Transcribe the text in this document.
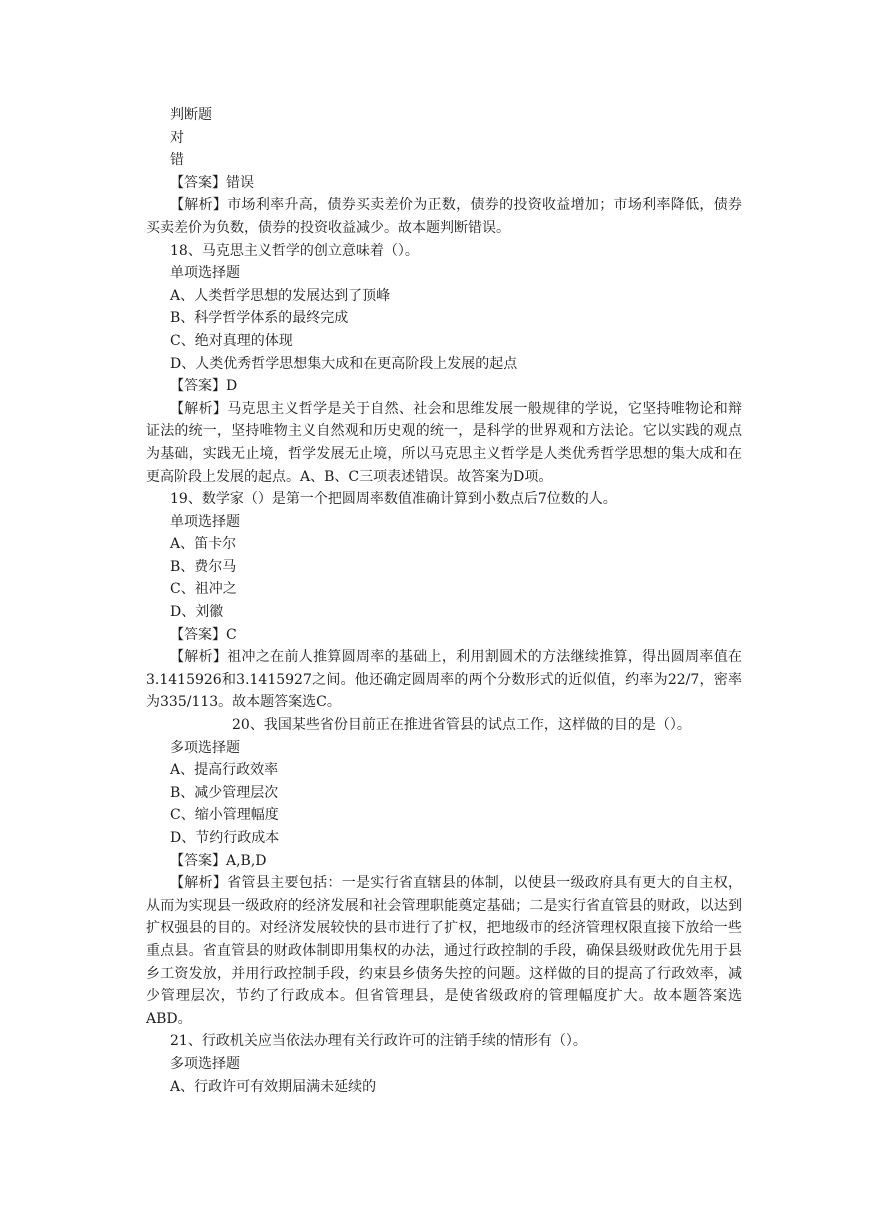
判断题

对

错

【答案】错误

【解析】市场利率升高，债券买卖差价为正数，债券的投资收益增加；市场利率降低，债券买卖差价为负数，债券的投资收益减少。故本题判断错误。

18、马克思主义哲学的创立意味着（）。

单项选择题

A、人类哲学思想的发展达到了顶峰

B、科学哲学体系的最终完成

C、绝对真理的体现

D、人类优秀哲学思想集大成和在更高阶段上发展的起点

【答案】D

【解析】马克思主义哲学是关于自然、社会和思维发展一般规律的学说，它坚持唯物论和辩证法的统一，坚持唯物主义自然观和历史观的统一，是科学的世界观和方法论。它以实践的观点为基础，实践无止境，哲学发展无止境，所以马克思主义哲学是人类优秀哲学思想的集大成和在更高阶段上发展的起点。A、B、C三项表述错误。故答案为D项。

19、数学家（）是第一个把圆周率数值准确计算到小数点后7位数的人。

单项选择题

A、笛卡尔

B、费尔马

C、祖冲之

D、刘徽

【答案】C

【解析】祖冲之在前人推算圆周率的基础上，利用割圆术的方法继续推算，得出圆周率值在3.1415926和3.1415927之间。他还确定圆周率的两个分数形式的近似值，约率为22/7，密率为335/113。故本题答案选C。

20、我国某些省份目前正在推进省管县的试点工作，这样做的目的是（）。

多项选择题

A、提高行政效率

B、减少管理层次

C、缩小管理幅度

D、节约行政成本

【答案】A,B,D

【解析】省管县主要包括：一是实行省直辖县的体制，以使县一级政府具有更大的自主权，从而为实现县一级政府的经济发展和社会管理职能奠定基础；二是实行省直管县的财政，以达到扩权强县的目的。对经济发展较快的县市进行了扩权，把地级市的经济管理权限直接下放给一些重点县。省直管县的财政体制即用集权的办法，通过行政控制的手段，确保县级财政优先用于县乡工资发放，并用行政控制手段，约束县乡债务失控的问题。这样做的目的提高了行政效率，减少管理层次，节约了行政成本。但省管理县，是使省级政府的管理幅度扩大。故本题答案选ABD。

21、行政机关应当依法办理有关行政许可的注销手续的情形有（）。

多项选择题

A、行政许可有效期届满未延续的
